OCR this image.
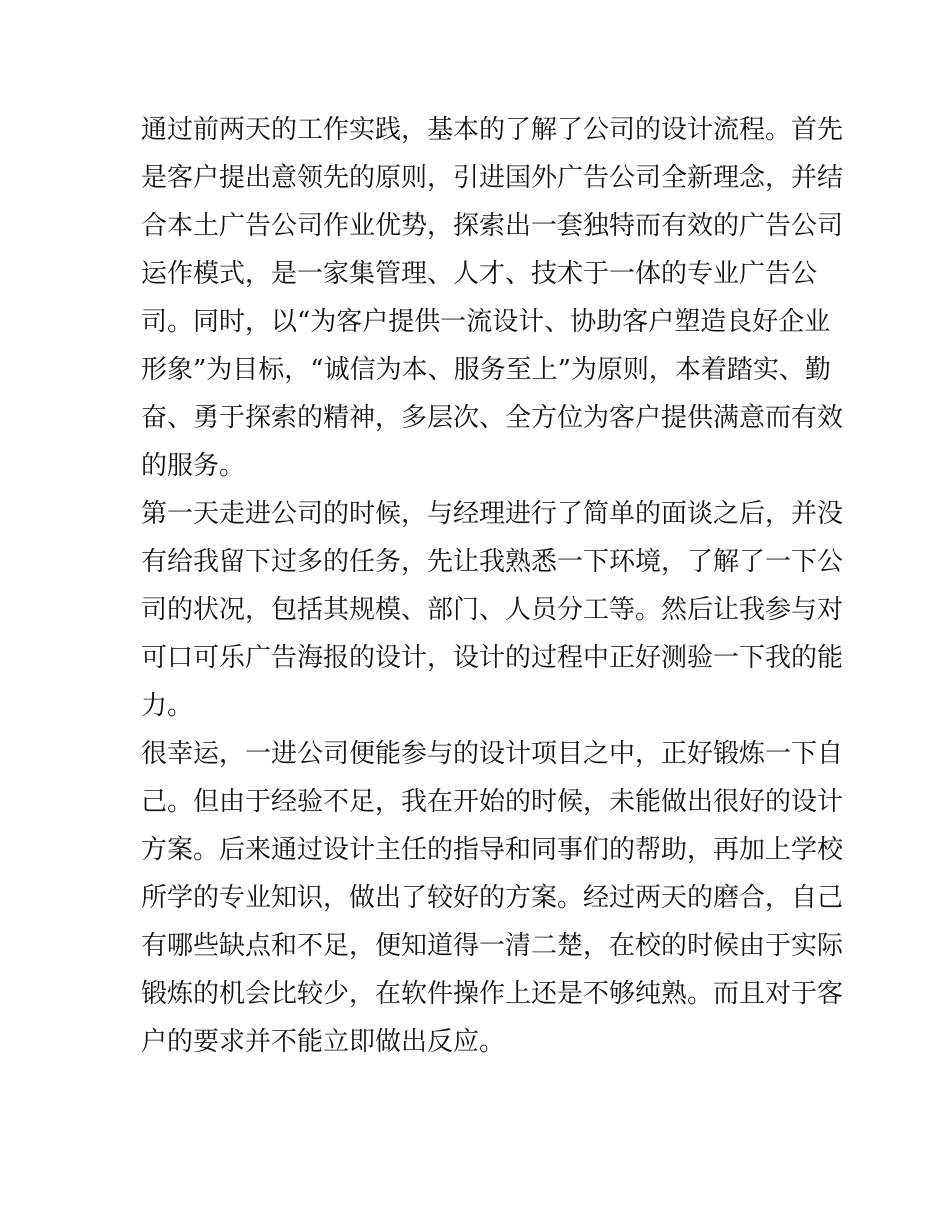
通过前两天的工作实践，基本的了解了公司的设计流程。首先
是客户提出意领先的原则，引进国外广告公司全新理念，并结
合本土广告公司作业优势，探索出一套独特而有效的广告公司
运作模式，是一家集管理、人才、技术于一体的专业广告公
司。同时，以“为客户提供一流设计、协助客户塑造良好企业
形象”为目标，“诚信为本、服务至上”为原则，本着踏实、勤
奋、勇于探索的精神，多层次、全方位为客户提供满意而有效
的服务。
第一天走进公司的时候，与经理进行了简单的面谈之后，并没
有给我留下过多的任务，先让我熟悉一下环境，了解了一下公
司的状况，包括其规模、部门、人员分工等。然后让我参与对
可口可乐广告海报的设计，设计的过程中正好测验一下我的能
力。
很幸运，一进公司便能参与的设计项目之中，正好锻炼一下自
己。但由于经验不足，我在开始的时候，未能做出很好的设计
方案。后来通过设计主任的指导和同事们的帮助，再加上学校
所学的专业知识，做出了较好的方案。经过两天的磨合，自己
有哪些缺点和不足，便知道得一清二楚，在校的时候由于实际
锻炼的机会比较少，在软件操作上还是不够纯熟。而且对于客
户的要求并不能立即做出反应。
